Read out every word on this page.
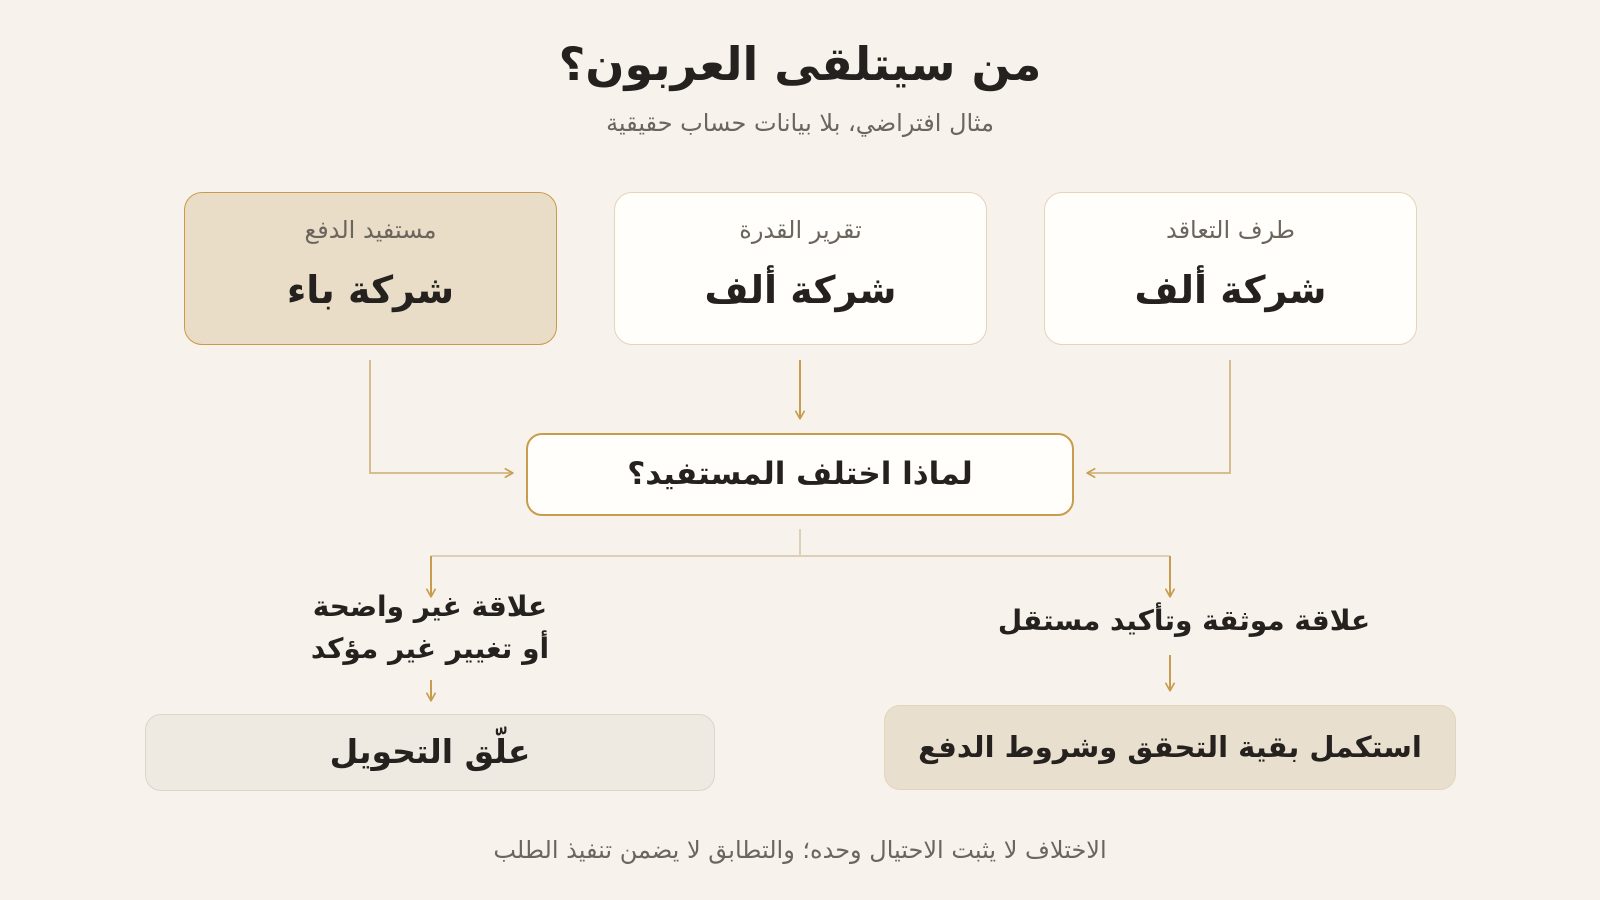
من سيتلقى العربون؟
مثال افتراضي، بلا بيانات حساب حقيقية
طرف التعاقد
شركة ألف
تقرير القدرة
شركة ألف
مستفيد الدفع
شركة باء
لماذا اختلف المستفيد؟
علاقة موثقة وتأكيد مستقل
علاقة غير واضحة
أو تغيير غير مؤكد
استكمل بقية التحقق وشروط الدفع
علّق التحويل
الاختلاف لا يثبت الاحتيال وحده؛ والتطابق لا يضمن تنفيذ الطلب
